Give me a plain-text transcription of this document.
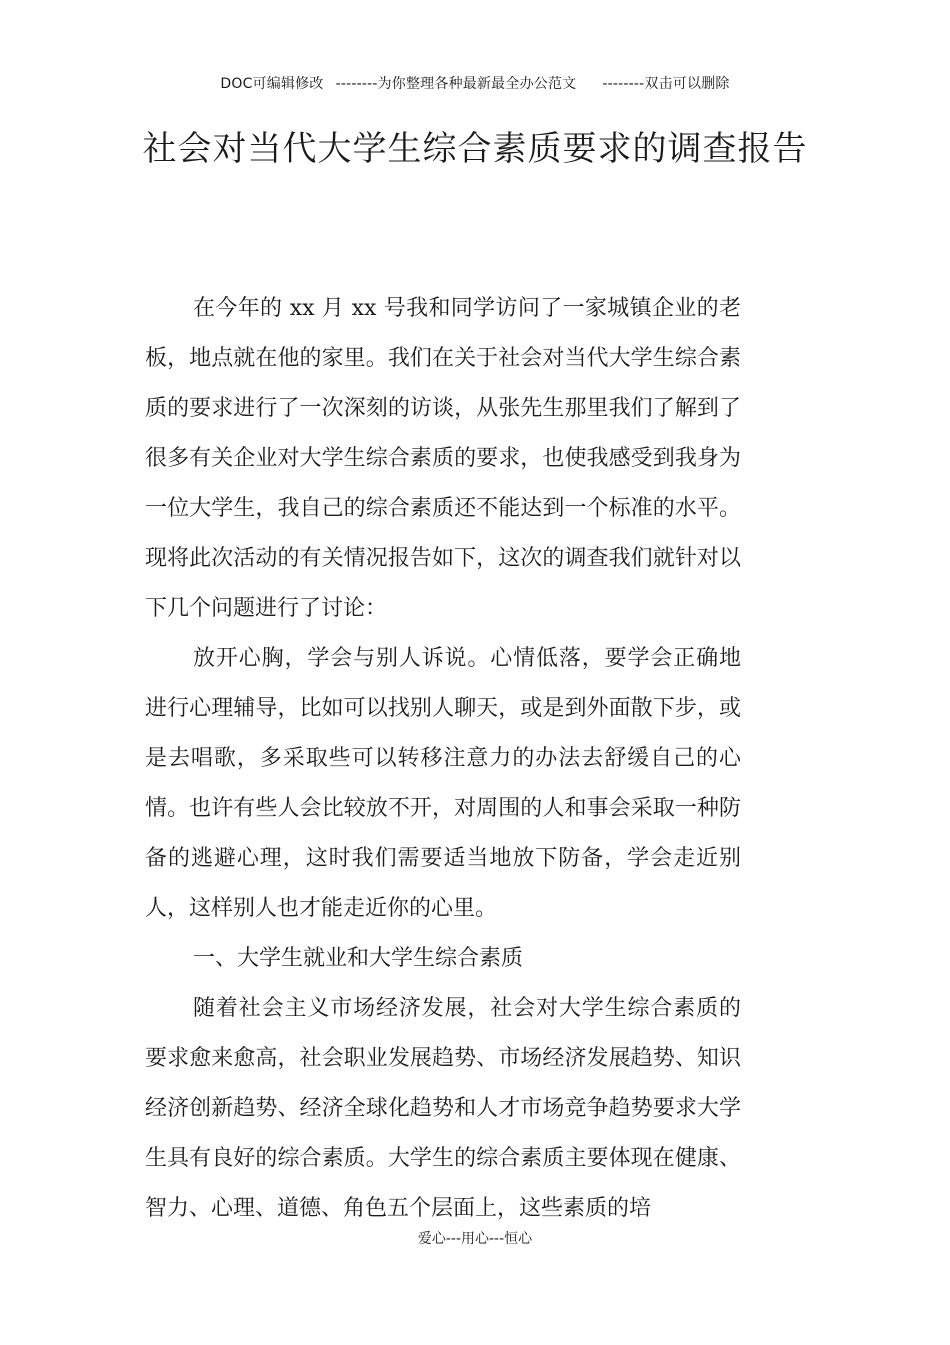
DOC可编辑修改 --------为你整理各种最新最全办公范文 --------双击可以删除
社会对当代大学生综合素质要求的调查报告

在今年的 xx 月 xx 号我和同学访问了一家城镇企业的老板，地点就在他的家里。我们在关于社会对当代大学生综合素质的要求进行了一次深刻的访谈，从张先生那里我们了解到了很多有关企业对大学生综合素质的要求，也使我感受到我身为一位大学生，我自己的综合素质还不能达到一个标准的水平。现将此次活动的有关情况报告如下，这次的调查我们就针对以下几个问题进行了讨论：

放开心胸，学会与别人诉说。心情低落，要学会正确地进行心理辅导，比如可以找别人聊天，或是到外面散下步，或是去唱歌，多采取些可以转移注意力的办法去舒缓自己的心情。也许有些人会比较放不开，对周围的人和事会采取一种防备的逃避心理，这时我们需要适当地放下防备，学会走近别人，这样别人也才能走近你的心里。

一、大学生就业和大学生综合素质

随着社会主义市场经济发展，社会对大学生综合素质的要求愈来愈高，社会职业发展趋势、市场经济发展趋势、知识经济创新趋势、经济全球化趋势和人才市场竞争趋势要求大学生具有良好的综合素质。大学生的综合素质主要体现在健康、智力、心理、道德、角色五个层面上，这些素质的培

爱心---用心---恒心
